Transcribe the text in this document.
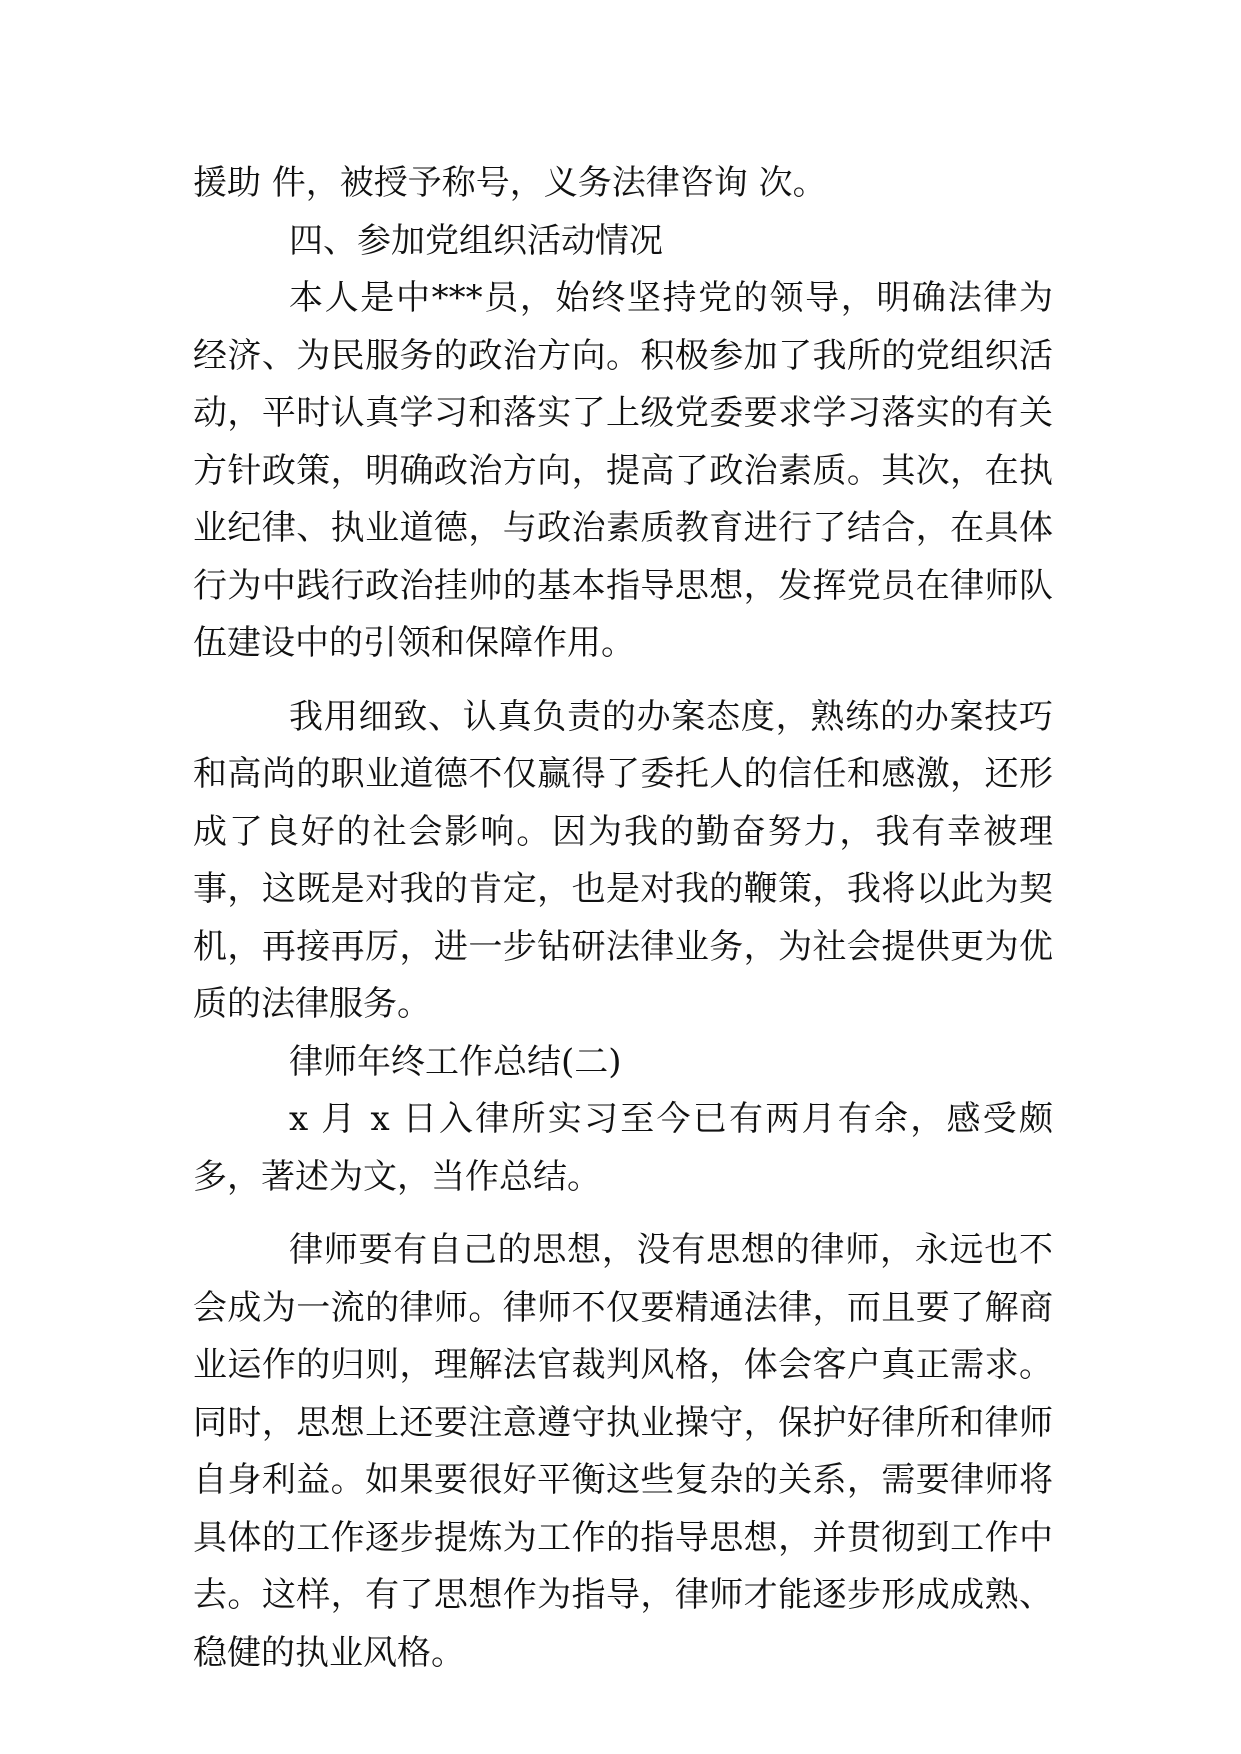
援助 件，被授予称号，义务法律咨询 次。

四、参加党组织活动情况

本人是中***员，始终坚持党的领导，明确法律为经济、为民服务的政治方向。积极参加了我所的党组织活动，平时认真学习和落实了上级党委要求学习落实的有关方针政策，明确政治方向，提高了政治素质。其次，在执业纪律、执业道德，与政治素质教育进行了结合，在具体行为中践行政治挂帅的基本指导思想，发挥党员在律师队伍建设中的引领和保障作用。

我用细致、认真负责的办案态度，熟练的办案技巧和高尚的职业道德不仅赢得了委托人的信任和感激，还形成了良好的社会影响。因为我的勤奋努力，我有幸被理事，这既是对我的肯定，也是对我的鞭策，我将以此为契机，再接再厉，进一步钻研法律业务，为社会提供更为优质的法律服务。

律师年终工作总结(二)

x 月 x 日入律所实习至今已有两月有余，感受颇多，著述为文，当作总结。

律师要有自己的思想，没有思想的律师，永远也不会成为一流的律师。律师不仅要精通法律，而且要了解商业运作的归则，理解法官裁判风格，体会客户真正需求。同时，思想上还要注意遵守执业操守，保护好律所和律师自身利益。如果要很好平衡这些复杂的关系，需要律师将具体的工作逐步提炼为工作的指导思想，并贯彻到工作中去。这样，有了思想作为指导，律师才能逐步形成成熟、稳健的执业风格。
